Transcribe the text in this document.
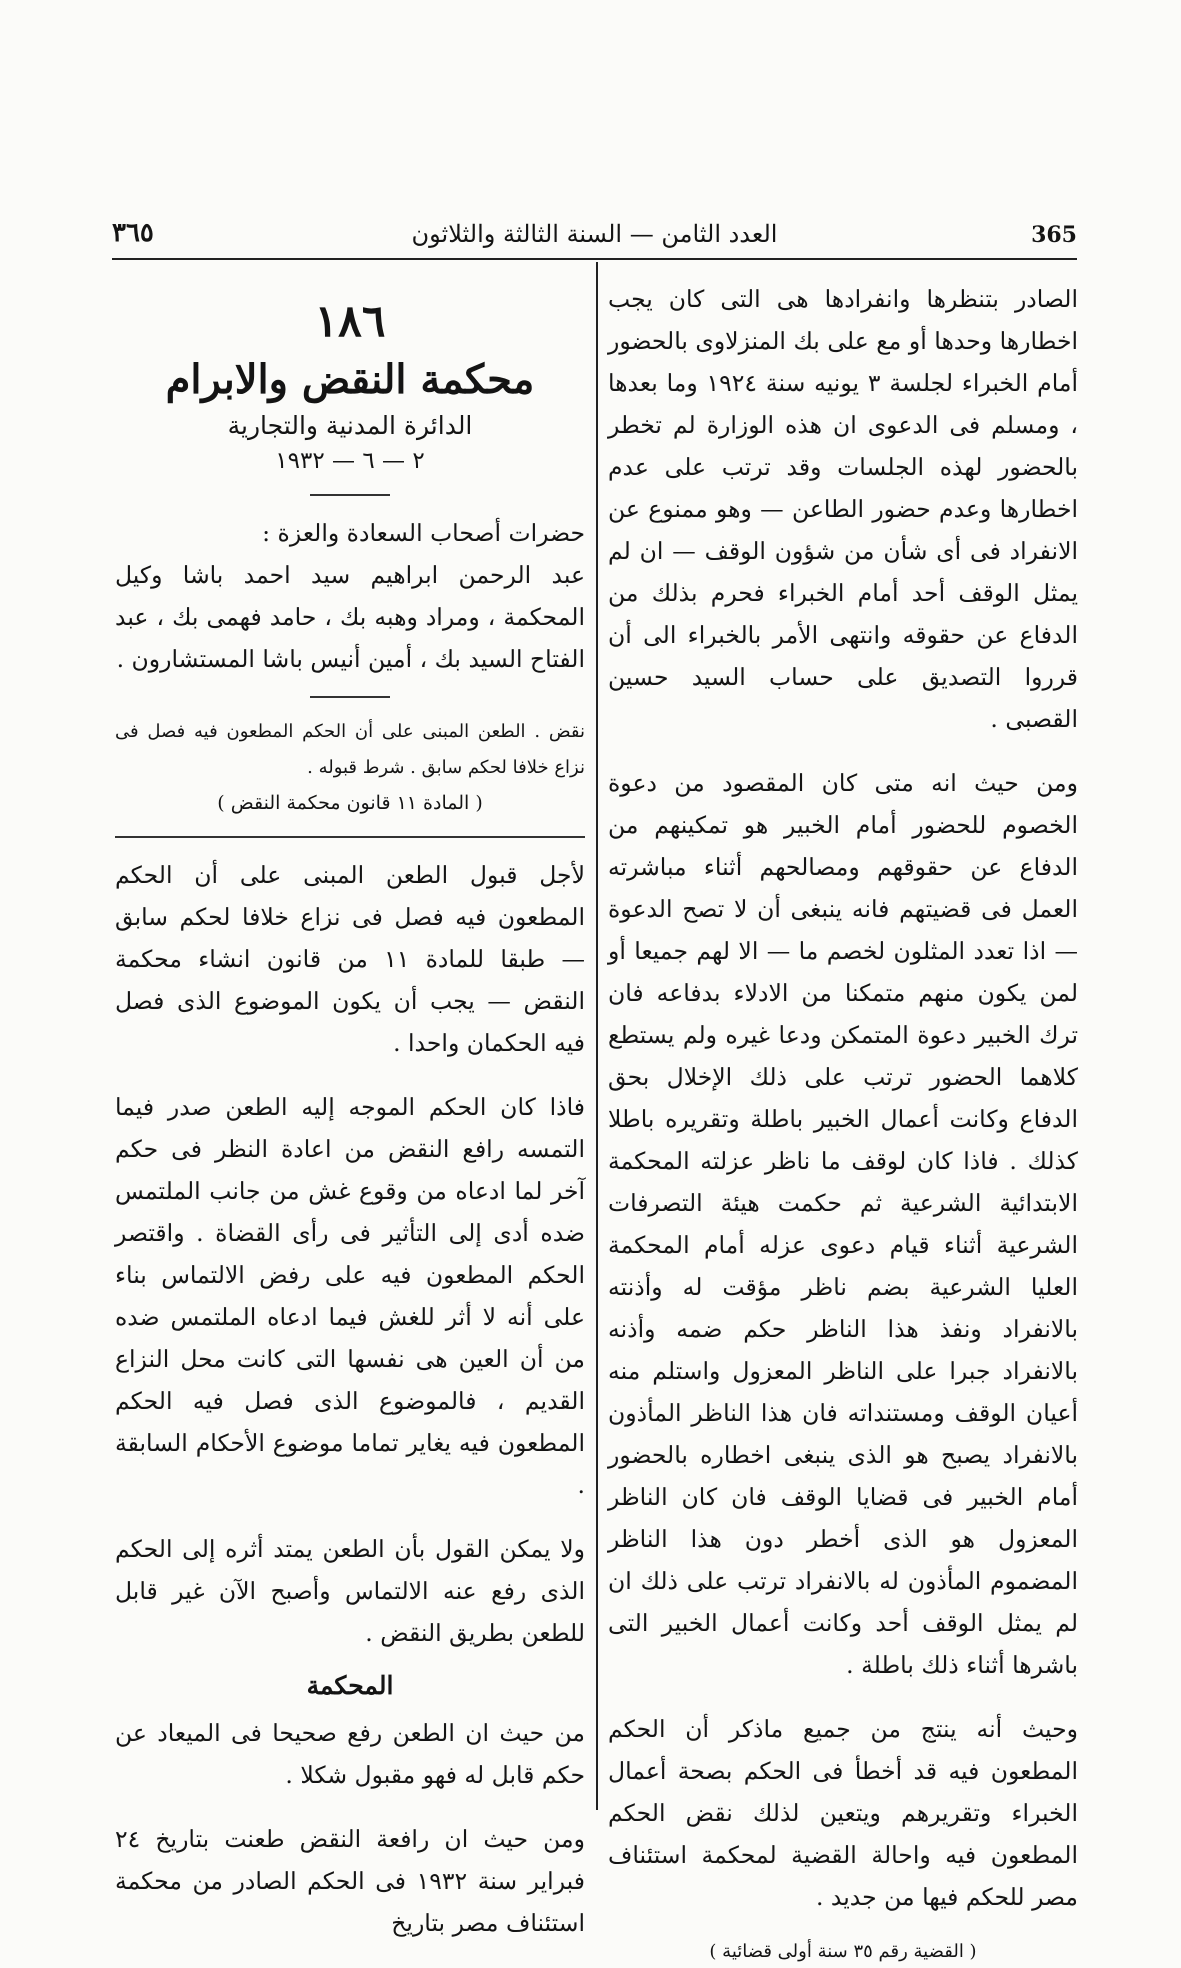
٣٦٥	العدد الثامن — السنة الثالثة والثلاثون	365

الصادر بتنظرها وانفرادها هى التى كان يجب اخطارها وحدها أو مع على بك المنزلاوى بالحضور أمام الخبراء لجلسة ٣ يونيه سنة ١٩٢٤ وما بعدها ، ومسلم فى الدعوى ان هذه الوزارة لم تخطر بالحضور لهذه الجلسات وقد ترتب على عدم اخطارها وعدم حضور الطاعن — وهو ممنوع عن الانفراد فى أى شأن من شؤون الوقف — ان لم يمثل الوقف أحد أمام الخبراء فحرم بذلك من الدفاع عن حقوقه وانتهى الأمر بالخبراء الى أن قرروا التصديق على حساب السيد حسين القصبى .

ومن حيث انه متى كان المقصود من دعوة الخصوم للحضور أمام الخبير هو تمكينهم من الدفاع عن حقوقهم ومصالحهم أثناء مباشرته العمل فى قضيتهم فانه ينبغى أن لا تصح الدعوة — اذا تعدد المثلون لخصم ما — الا لهم جميعا أو لمن يكون منهم متمكنا من الادلاء بدفاعه فان ترك الخبير دعوة المتمكن ودعا غيره ولم يستطع كلاهما الحضور ترتب على ذلك الإخلال بحق الدفاع وكانت أعمال الخبير باطلة وتقريره باطلا كذلك . فاذا كان لوقف ما ناظر عزلته المحكمة الابتدائية الشرعية ثم حكمت هيئة التصرفات الشرعية أثناء قيام دعوى عزله أمام المحكمة العليا الشرعية بضم ناظر مؤقت له وأذنته بالانفراد ونفذ هذا الناظر حكم ضمه وأذنه بالانفراد جبرا على الناظر المعزول واستلم منه أعيان الوقف ومستنداته فان هذا الناظر المأذون بالانفراد يصبح هو الذى ينبغى اخطاره بالحضور أمام الخبير فى قضايا الوقف فان كان الناظر المعزول هو الذى أخطر دون هذا الناظر المضموم المأذون له بالانفراد ترتب على ذلك ان لم يمثل الوقف أحد وكانت أعمال الخبير التى باشرها أثناء ذلك باطلة .

وحيث أنه ينتج من جميع ماذكر أن الحكم المطعون فيه قد أخطأ فى الحكم بصحة أعمال الخبراء وتقريرهم ويتعين لذلك نقض الحكم المطعون فيه واحالة القضية لمحكمة استئناف مصر للحكم فيها من جديد .

( القضية رقم ٣٥ سنة أولى قضائية )
١٨٦
محكمة النقض والابرام
الدائرة المدنية والتجارية
٢ — ٦ — ١٩٣٢

حضرات أصحاب السعادة والعزة :

عبد الرحمن ابراهيم سيد احمد باشا وكيل المحكمة ، ومراد وهبه بك ، حامد فهمى بك ، عبد الفتاح السيد بك ، أمين أنيس باشا المستشارون .

نقض . الطعن المبنى على أن الحكم المطعون فيه فصل فى نزاع خلافا لحكم سابق . شرط قبوله .

( المادة ١١ قانون محكمة النقض )

لأجل قبول الطعن المبنى على أن الحكم المطعون فيه فصل فى نزاع خلافا لحكم سابق — طبقا للمادة ١١ من قانون انشاء محكمة النقض — يجب أن يكون الموضوع الذى فصل فيه الحكمان واحدا .

فاذا كان الحكم الموجه إليه الطعن صدر فيما التمسه رافع النقض من اعادة النظر فى حكم آخر لما ادعاه من وقوع غش من جانب الملتمس ضده أدى إلى التأثير فى رأى القضاة . واقتصر الحكم المطعون فيه على رفض الالتماس بناء على أنه لا أثر للغش فيما ادعاه الملتمس ضده من أن العين هى نفسها التى كانت محل النزاع القديم ، فالموضوع الذى فصل فيه الحكم المطعون فيه يغاير تماما موضوع الأحكام السابقة .

ولا يمكن القول بأن الطعن يمتد أثره إلى الحكم الذى رفع عنه الالتماس وأصبح الآن غير قابل للطعن بطريق النقض .

المحكمة

من حيث ان الطعن رفع صحيحا فى الميعاد عن حكم قابل له فهو مقبول شكلا .

ومن حيث ان رافعة النقض طعنت بتاريخ ٢٤ فبراير سنة ١٩٣٢ فى الحكم الصادر من محكمة استئناف مصر بتاريخ
